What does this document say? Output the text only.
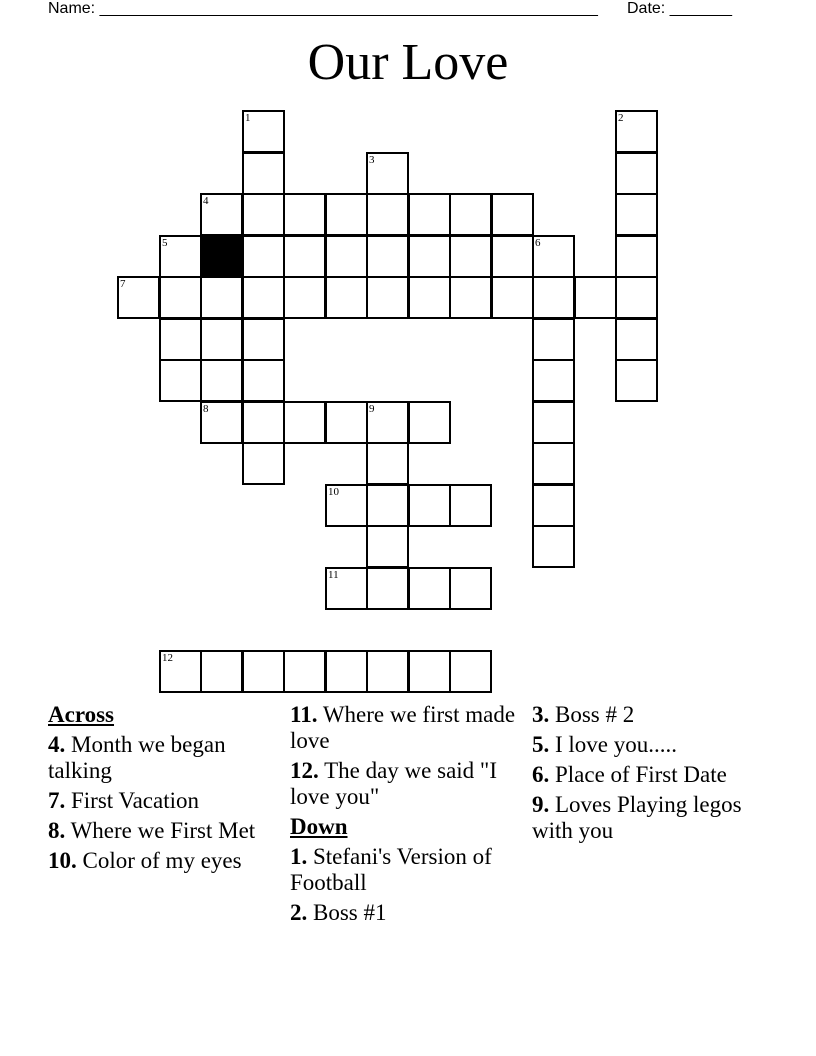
Name: ________________________________________________________ Date: _______
Our Love
1	2
3
4
5	6
7
8	9
10
11
12
Across
4. Month we began talking
7. First Vacation
8. Where we First Met
10. Color of my eyes
11. Where we first made love
12. The day we said "I love you"
Down
1. Stefani's Version of Football
2. Boss #1
3. Boss # 2
5. I love you.....
6. Place of First Date
9. Loves Playing legos with you
